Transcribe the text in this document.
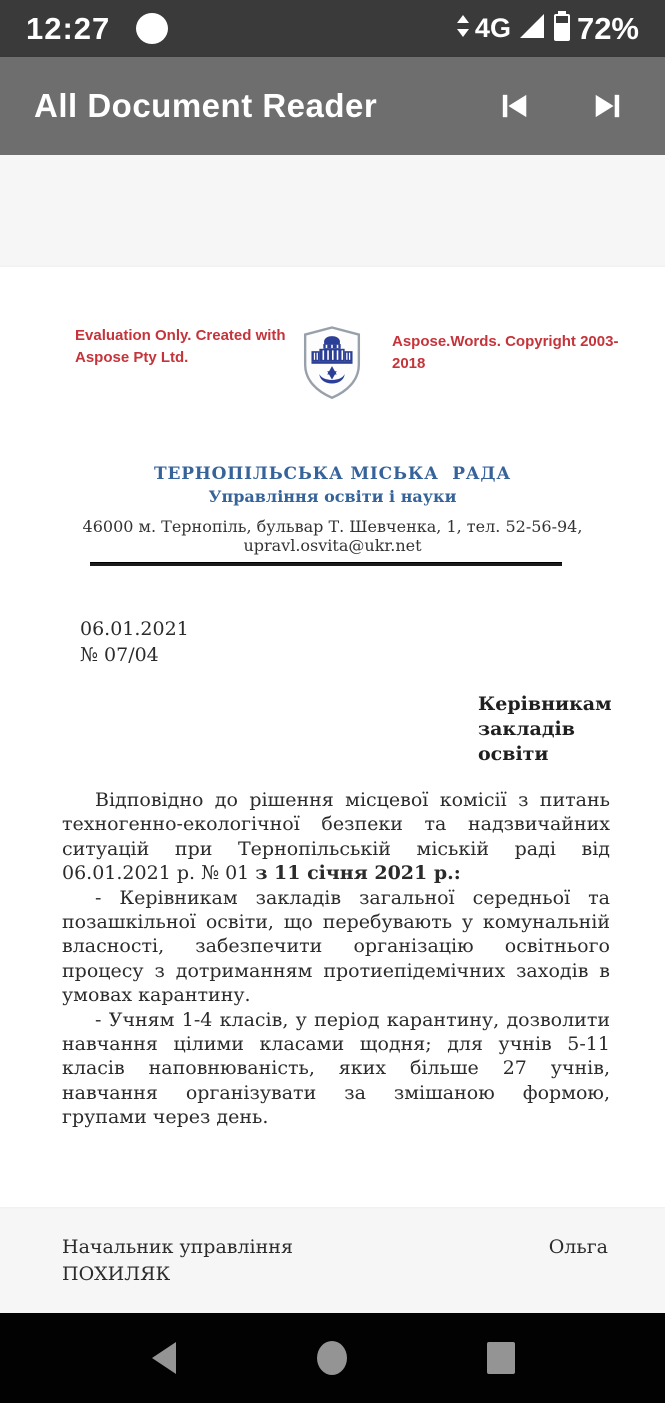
12:27	4G 72%
All Document Reader
Evaluation Only. Created with Aspose Pty Ltd.
Aspose.Words. Copyright 2003-2018
ТЕРНОПІЛЬСЬКА МІСЬКА  РАДА
Управління освіти і науки
46000 м. Тернопіль, бульвар Т. Шевченка, 1, тел. 52-56-94, upravl.osvita@ukr.net
06.01.2021
№ 07/04
Керівникам закладів
освіти

Відповідно до рішення місцевої комісії з питань техногенно-екологічної безпеки та надзвичайних ситуацій при Тернопільській міській раді від 06.01.2021 р. № 01 з 11 січня 2021 р.:

- Керівникам закладів загальної середньої та позашкільної освіти, що перебувають у комунальній власності, забезпечити організацію освітнього процесу з дотриманням протиепідемічних заходів в умовах карантину.

- Учням 1-4 класів, у період карантину, дозволити навчання цілими класами щодня; для учнів 5-11 класів наповнюваність, яких більше 27 учнів, навчання організувати за змішаною формою, групами через день.

Начальник управління	Ольга
ПОХИЛЯК
